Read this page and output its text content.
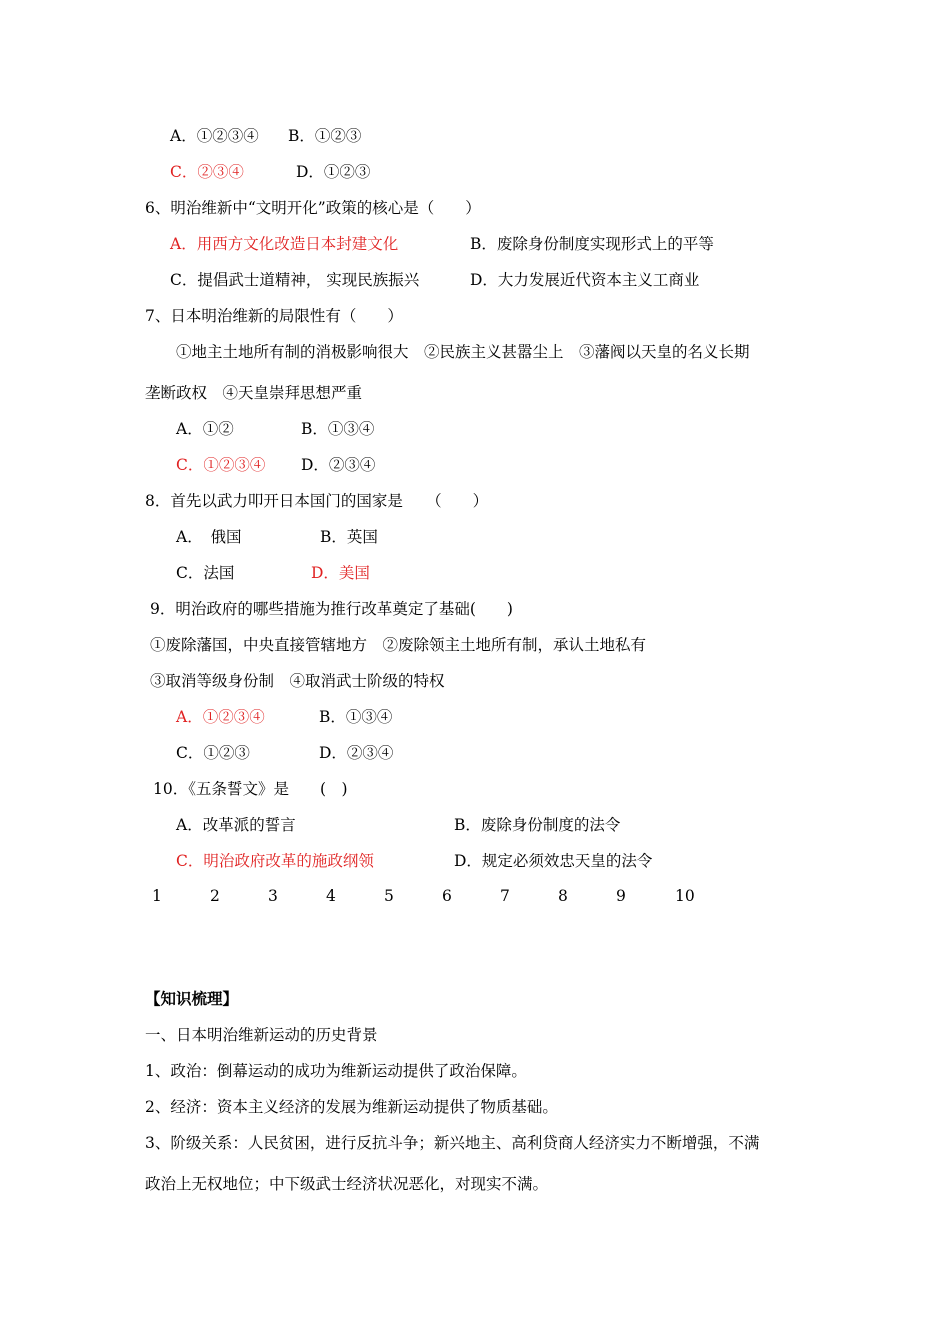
A．①②③④ B．①②③
C．②③④	D．①②③
6、明治维新中“文明开化”政策的核心是（　　）
A．用西方文化改造日本封建文化	B．废除身份制度实现形式上的平等
C．提倡武士道精神， 实现民族振兴	D．大力发展近代资本主义工商业
7、日本明治维新的局限性有（　　）
①地主土地所有制的消极影响很大　②民族主义甚嚣尘上　③藩阀以天皇的名义长期
垄断政权　④天皇崇拜思想严重
A．①②	B．①③④
C．①②③④ D．②③④
8．首先以武力叩开日本国门的国家是　　（　　）
A．　俄国	B．英国
C．法国	D．美国
9．明治政府的哪些措施为推行改革奠定了基础(　　)
①废除藩国，中央直接管辖地方　②废除领主土地所有制，承认土地私有
③取消等级身份制　④取消武士阶级的特权
A．①②③④	B．①③④
C．①②③	D．②③④
10．《五条誓文》是　　(　)
A．改革派的誓言	B．废除身份制度的法令
C．明治政府改革的施政纲领	D．规定必须效忠天皇的法令
1	2	3	4	5	6	7	8	9	10
【知识梳理】
一、日本明治维新运动的历史背景
1、政治：倒幕运动的成功为维新运动提供了政治保障。
2、经济：资本主义经济的发展为维新运动提供了物质基础。
3、阶级关系：人民贫困，进行反抗斗争；新兴地主、高利贷商人经济实力不断增强，不满
政治上无权地位；中下级武士经济状况恶化，对现实不满。
